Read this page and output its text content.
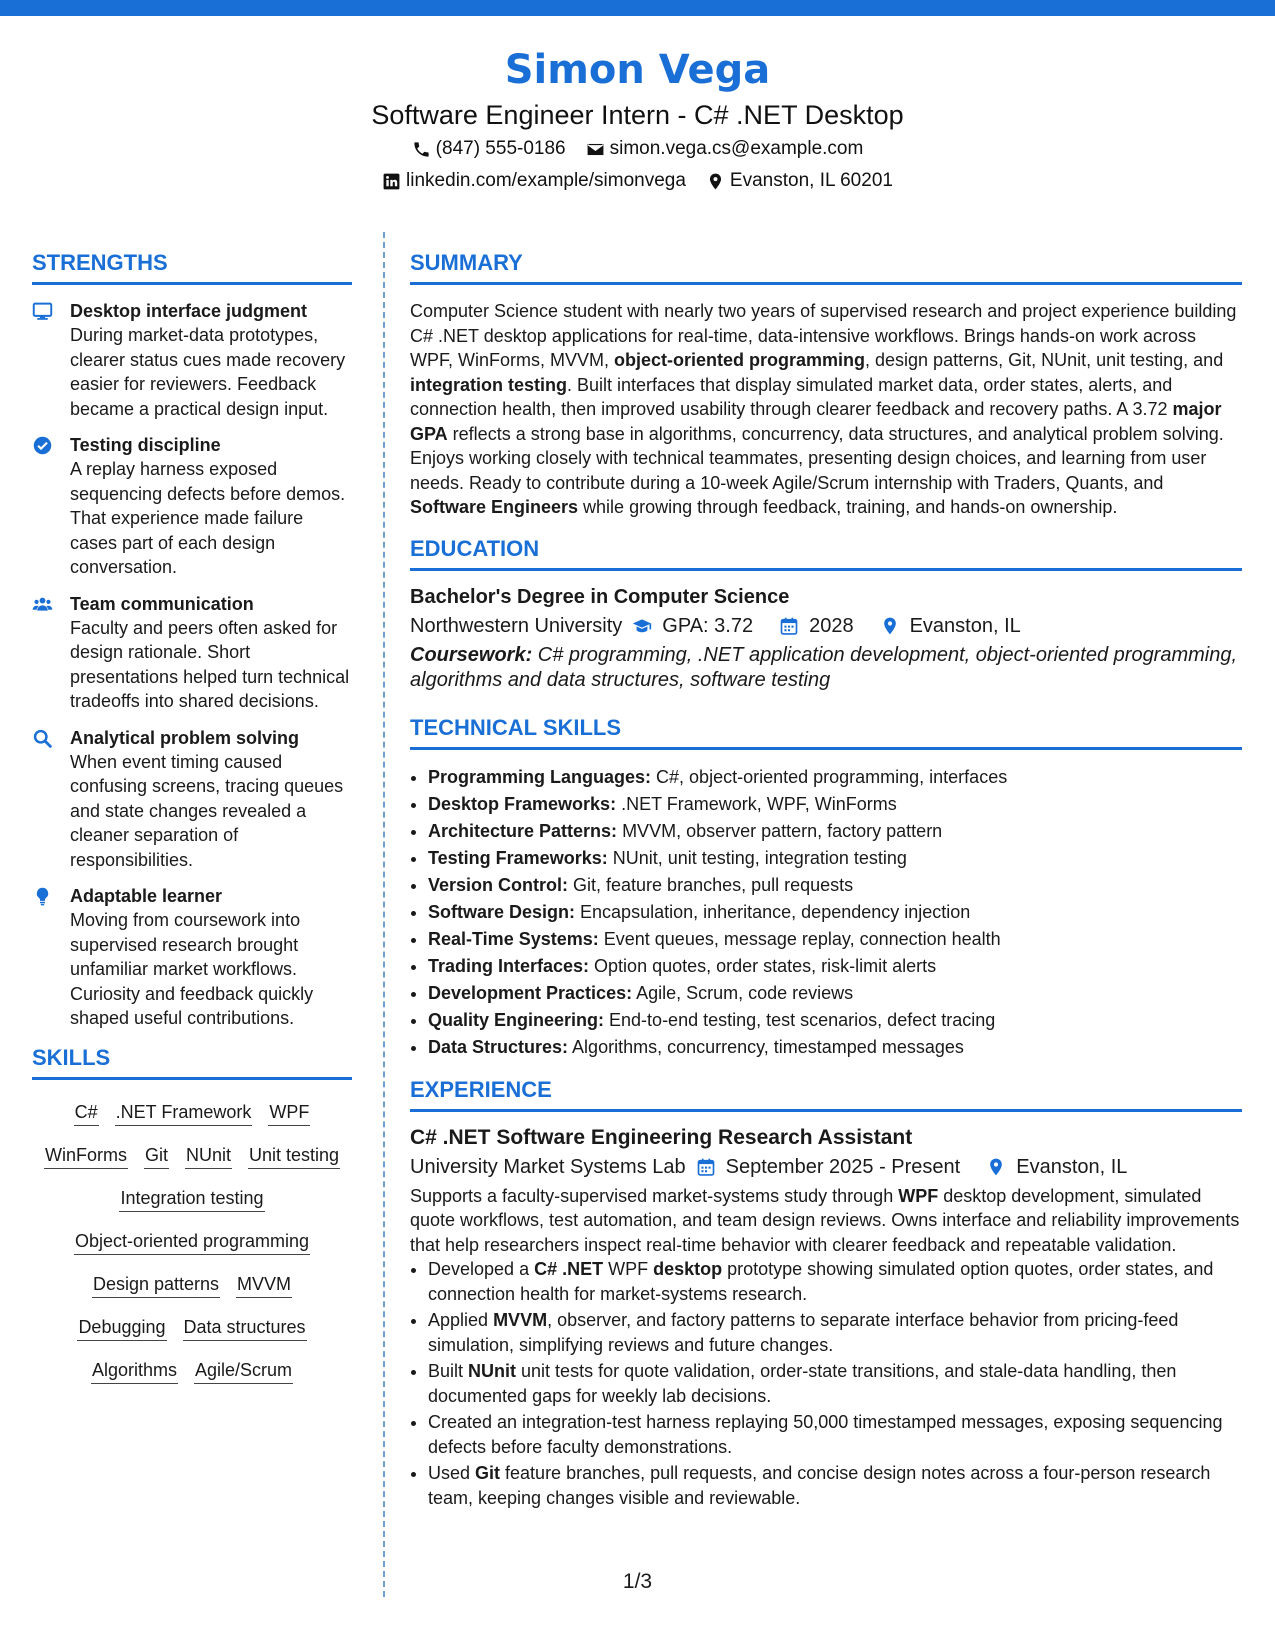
Simon Vega
Software Engineer Intern - C# .NET Desktop
(847) 555-0186 simon.vega.cs@example.com
linkedin.com/example/simonvega Evanston, IL 60201
STRENGTHS
Desktop interface judgment
During market-data prototypes, clearer status cues made recovery easier for reviewers. Feedback became a practical design input.
Testing discipline
A replay harness exposed sequencing defects before demos. That experience made failure cases part of each design conversation.
Team communication
Faculty and peers often asked for design rationale. Short presentations helped turn technical tradeoffs into shared decisions.
Analytical problem solving
When event timing caused confusing screens, tracing queues and state changes revealed a cleaner separation of responsibilities.
Adaptable learner
Moving from coursework into supervised research brought unfamiliar market workflows. Curiosity and feedback quickly shaped useful contributions.
SKILLS
C# .NET Framework WPF
WinForms Git NUnit Unit testing
Integration testing
Object-oriented programming
Design patterns MVVM
Debugging Data structures
Algorithms Agile/Scrum
SUMMARY

Computer Science student with nearly two years of supervised research and project experience building C# .NET desktop applications for real-time, data-intensive workflows. Brings hands-on work across WPF, WinForms, MVVM, object-oriented programming, design patterns, Git, NUnit, unit testing, and integration testing. Built interfaces that display simulated market data, order states, alerts, and connection health, then improved usability through clearer feedback and recovery paths. A 3.72 major GPA reflects a strong base in algorithms, concurrency, data structures, and analytical problem solving. Enjoys working closely with technical teammates, presenting design choices, and learning from user needs. Ready to contribute during a 10-week Agile/Scrum internship with Traders, Quants, and Software Engineers while growing through feedback, training, and hands-on ownership.

EDUCATION
Bachelor's Degree in Computer Science
Northwestern University GPA: 3.72	2028	Evanston, IL
Coursework: C# programming, .NET application development, object-oriented programming, algorithms and data structures, software testing
TECHNICAL SKILLS
• Programming Languages: C#, object-oriented programming, interfaces
• Desktop Frameworks: .NET Framework, WPF, WinForms
• Architecture Patterns: MVVM, observer pattern, factory pattern
• Testing Frameworks: NUnit, unit testing, integration testing
• Version Control: Git, feature branches, pull requests
• Software Design: Encapsulation, inheritance, dependency injection
• Real-Time Systems: Event queues, message replay, connection health
• Trading Interfaces: Option quotes, order states, risk-limit alerts
• Development Practices: Agile, Scrum, code reviews
• Quality Engineering: End-to-end testing, test scenarios, defect tracing
• Data Structures: Algorithms, concurrency, timestamped messages
EXPERIENCE
C# .NET Software Engineering Research Assistant
University Market Systems Lab September 2025 - Present	Evanston, IL

Supports a faculty-supervised market-systems study through WPF desktop development, simulated quote workflows, test automation, and team design reviews. Owns interface and reliability improvements that help researchers inspect real-time behavior with clearer feedback and repeatable validation.

• Developed a C# .NET WPF desktop prototype showing simulated option quotes, order states, and connection health for market-systems research.
• Applied MVVM, observer, and factory patterns to separate interface behavior from pricing-feed simulation, simplifying reviews and future changes.
• Built NUnit unit tests for quote validation, order-state transitions, and stale-data handling, then documented gaps for weekly lab decisions.
• Created an integration-test harness replaying 50,000 timestamped messages, exposing sequencing defects before faculty demonstrations.
• Used Git feature branches, pull requests, and concise design notes across a four-person research team, keeping changes visible and reviewable.
1/3
